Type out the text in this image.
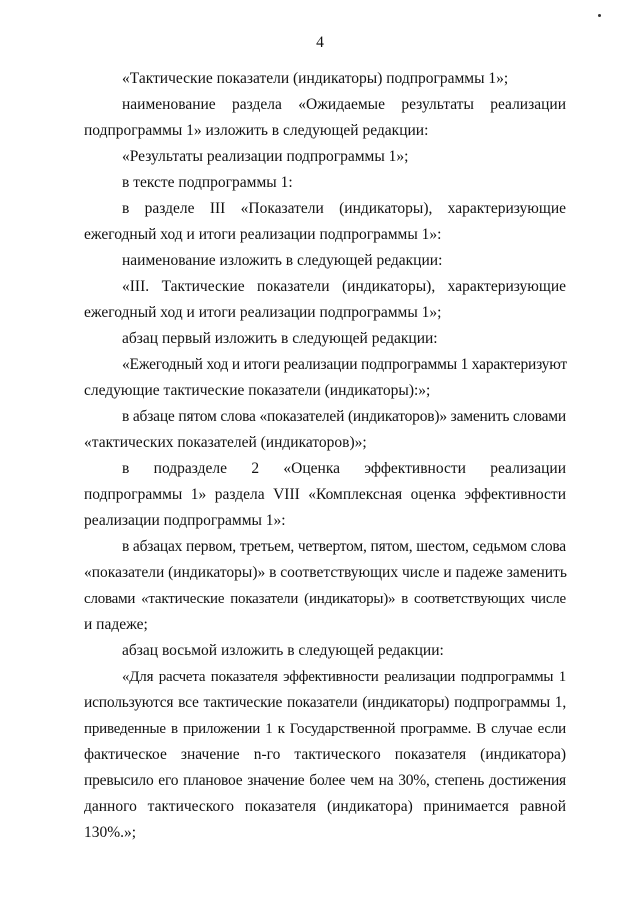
4
«Тактические показатели (индикаторы) подпрограммы 1»;
наименование раздела «Ожидаемые результаты реализации
подпрограммы 1» изложить в следующей редакции:
«Результаты реализации подпрограммы 1»;
в тексте подпрограммы 1:
в разделе III «Показатели (индикаторы), характеризующие
ежегодный ход и итоги реализации подпрограммы 1»:
наименование изложить в следующей редакции:
«III. Тактические показатели (индикаторы), характеризующие
ежегодный ход и итоги реализации подпрограммы 1»;
абзац первый изложить в следующей редакции:
«Ежегодный ход и итоги реализации подпрограммы 1 характеризуют
следующие тактические показатели (индикаторы):»;
в абзаце пятом слова «показателей (индикаторов)» заменить словами
«тактических показателей (индикаторов)»;
в подразделе 2 «Оценка эффективности реализации
подпрограммы 1» раздела VIII «Комплексная оценка эффективности
реализации подпрограммы 1»:
в абзацах первом, третьем, четвертом, пятом, шестом, седьмом слова
«показатели (индикаторы)» в соответствующих числе и падеже заменить
словами «тактические показатели (индикаторы)» в соответствующих числе
и падеже;
абзац восьмой изложить в следующей редакции:
«Для расчета показателя эффективности реализации подпрограммы 1
используются все тактические показатели (индикаторы) подпрограммы 1,
приведенные в приложении 1 к Государственной программе. В случае если
фактическое значение n-го тактического показателя (индикатора)
превысило его плановое значение более чем на 30%, степень достижения
данного тактического показателя (индикатора) принимается равной
130%.»;
